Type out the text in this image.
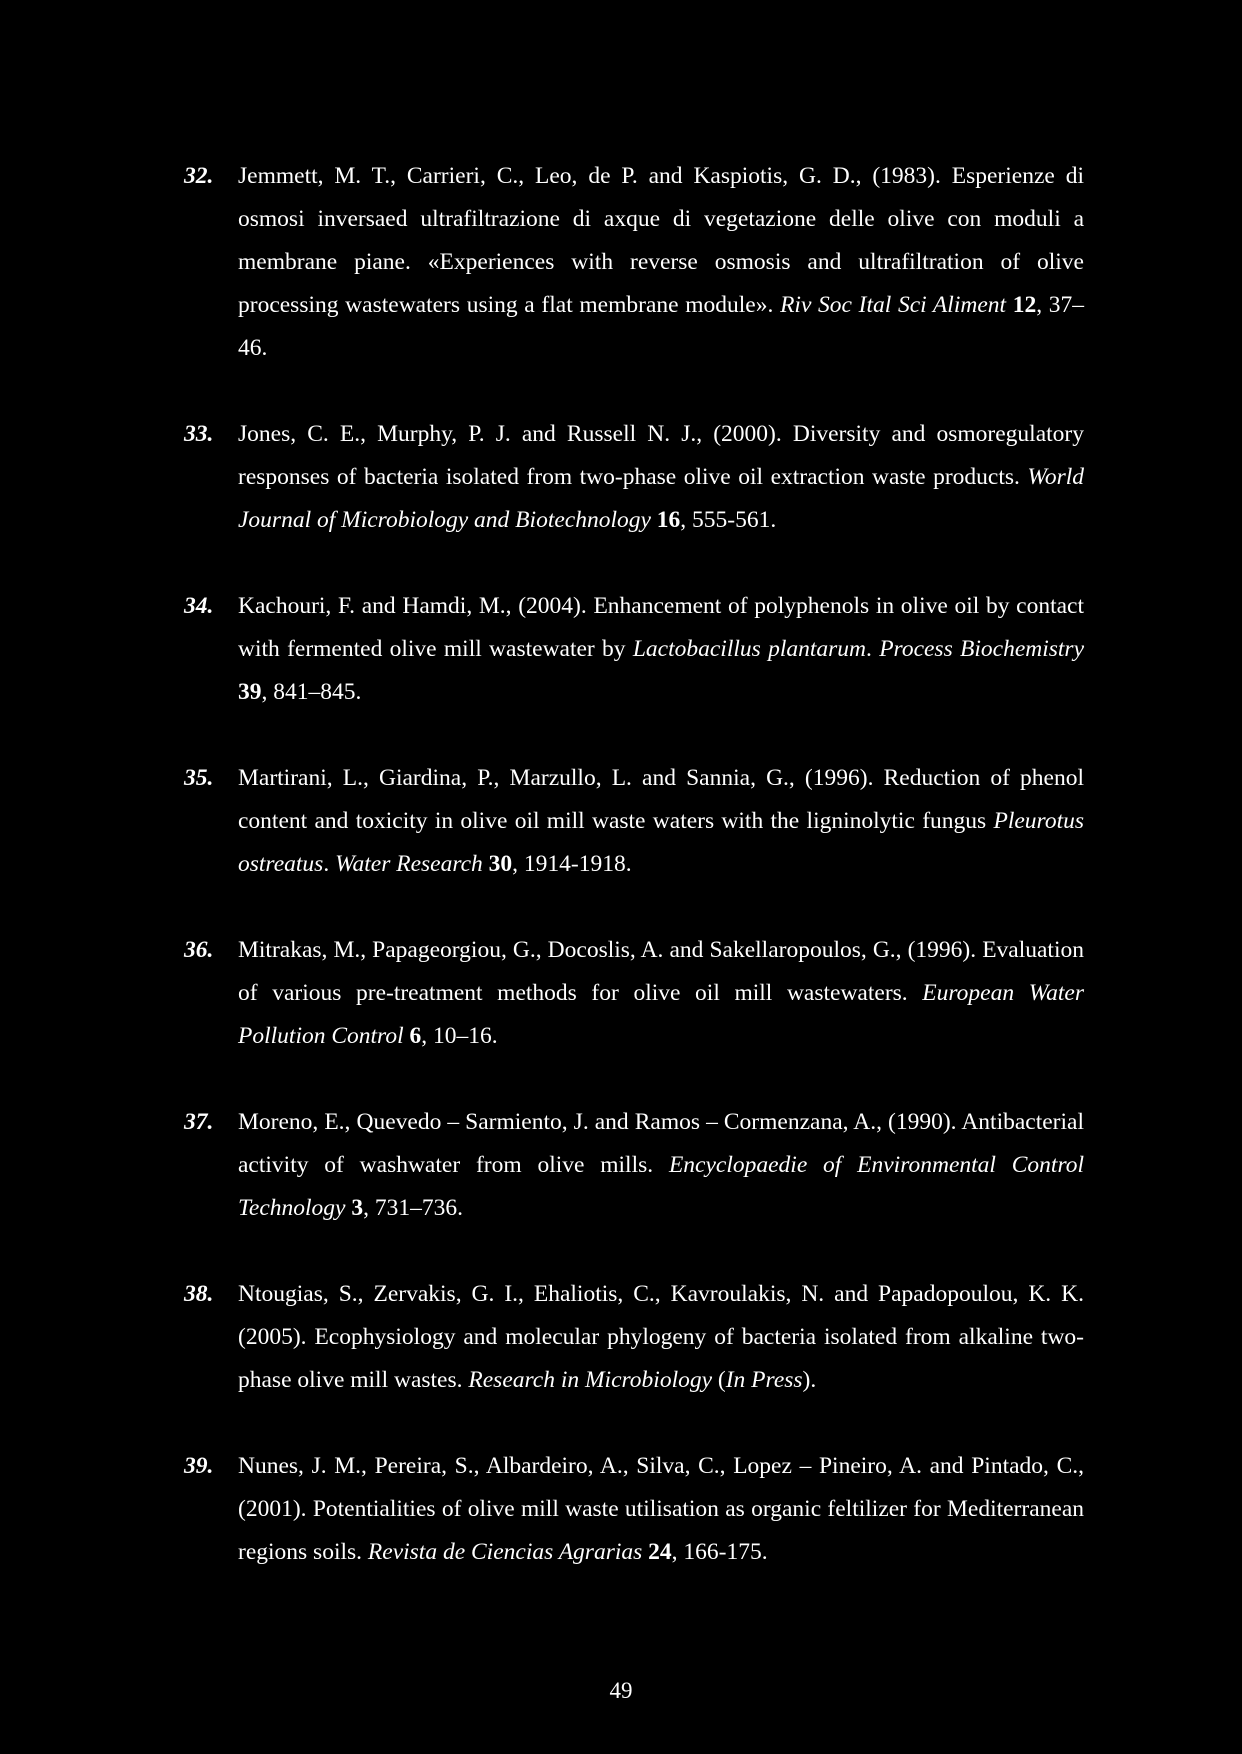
32. Jemmett, M. T., Carrieri, C., Leo, de P. and Kaspiotis, G. D., (1983). Esperienze di osmosi inversaed ultrafiltrazione di axque di vegetazione delle olive con moduli a membrane piane. «Experiences with reverse osmosis and ultrafiltration of olive processing wastewaters using a flat membrane module». Riv Soc Ital Sci Aliment 12, 37–46.
33. Jones, C. E., Murphy, P. J. and Russell N. J., (2000). Diversity and osmoregulatory responses of bacteria isolated from two-phase olive oil extraction waste products. World Journal of Microbiology and Biotechnology 16, 555-561.
34. Kachouri, F. and Hamdi, M., (2004). Enhancement of polyphenols in olive oil by contact with fermented olive mill wastewater by Lactobacillus plantarum. Process Biochemistry 39, 841–845.
35. Martirani, L., Giardina, P., Marzullo, L. and Sannia, G., (1996). Reduction of phenol content and toxicity in olive oil mill waste waters with the ligninolytic fungus Pleurotus ostreatus. Water Research 30, 1914-1918.
36. Mitrakas, M., Papageorgiou, G., Docoslis, A. and Sakellaropoulos, G., (1996). Evaluation of various pre-treatment methods for olive oil mill wastewaters. European Water Pollution Control 6, 10–16.
37. Moreno, E., Quevedo – Sarmiento, J. and Ramos – Cormenzana, A., (1990). Antibacterial activity of washwater from olive mills. Encyclopaedie of Environmental Control Technology 3, 731–736.
38. Ntougias, S., Zervakis, G. I., Ehaliotis, C., Kavroulakis, N. and Papadopoulou, K. K. (2005). Ecophysiology and molecular phylogeny of bacteria isolated from alkaline two-phase olive mill wastes. Research in Microbiology (In Press).
39. Nunes, J. M., Pereira, S., Albardeiro, A., Silva, C., Lopez – Pineiro, A. and Pintado, C., (2001). Potentialities of olive mill waste utilisation as organic feltilizer for Mediterranean regions soils. Revista de Ciencias Agrarias 24, 166-175.
49
